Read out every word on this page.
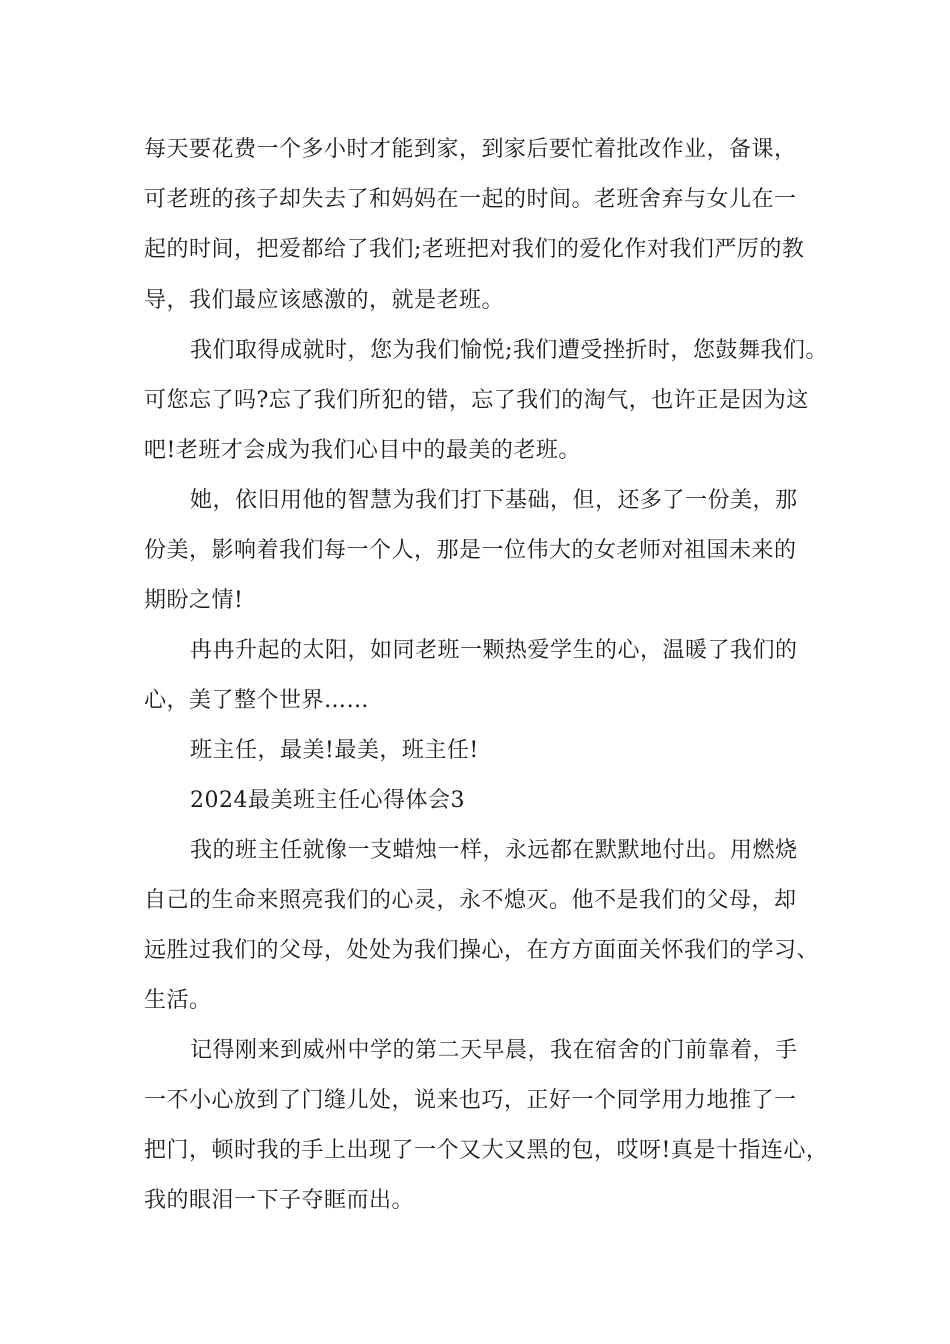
每天要花费一个多小时才能到家，到家后要忙着批改作业，备课，
可老班的孩子却失去了和妈妈在一起的时间。老班舍弃与女儿在一
起的时间，把爱都给了我们;老班把对我们的爱化作对我们严厉的教
导，我们最应该感激的，就是老班。
我们取得成就时，您为我们愉悦;我们遭受挫折时，您鼓舞我们。
可您忘了吗?忘了我们所犯的错，忘了我们的淘气，也许正是因为这
吧!老班才会成为我们心目中的最美的老班。
她，依旧用他的智慧为我们打下基础，但，还多了一份美，那
份美，影响着我们每一个人，那是一位伟大的女老师对祖国未来的
期盼之情!
冉冉升起的太阳，如同老班一颗热爱学生的心，温暖了我们的
心，美了整个世界……
班主任，最美!最美，班主任!
2024最美班主任心得体会3
我的班主任就像一支蜡烛一样，永远都在默默地付出。用燃烧
自己的生命来照亮我们的心灵，永不熄灭。他不是我们的父母，却
远胜过我们的父母，处处为我们操心，在方方面面关怀我们的学习、
生活。
记得刚来到威州中学的第二天早晨，我在宿舍的门前靠着，手
一不小心放到了门缝儿处，说来也巧，正好一个同学用力地推了一
把门，顿时我的手上出现了一个又大又黑的包，哎呀!真是十指连心，
我的眼泪一下子夺眶而出。
